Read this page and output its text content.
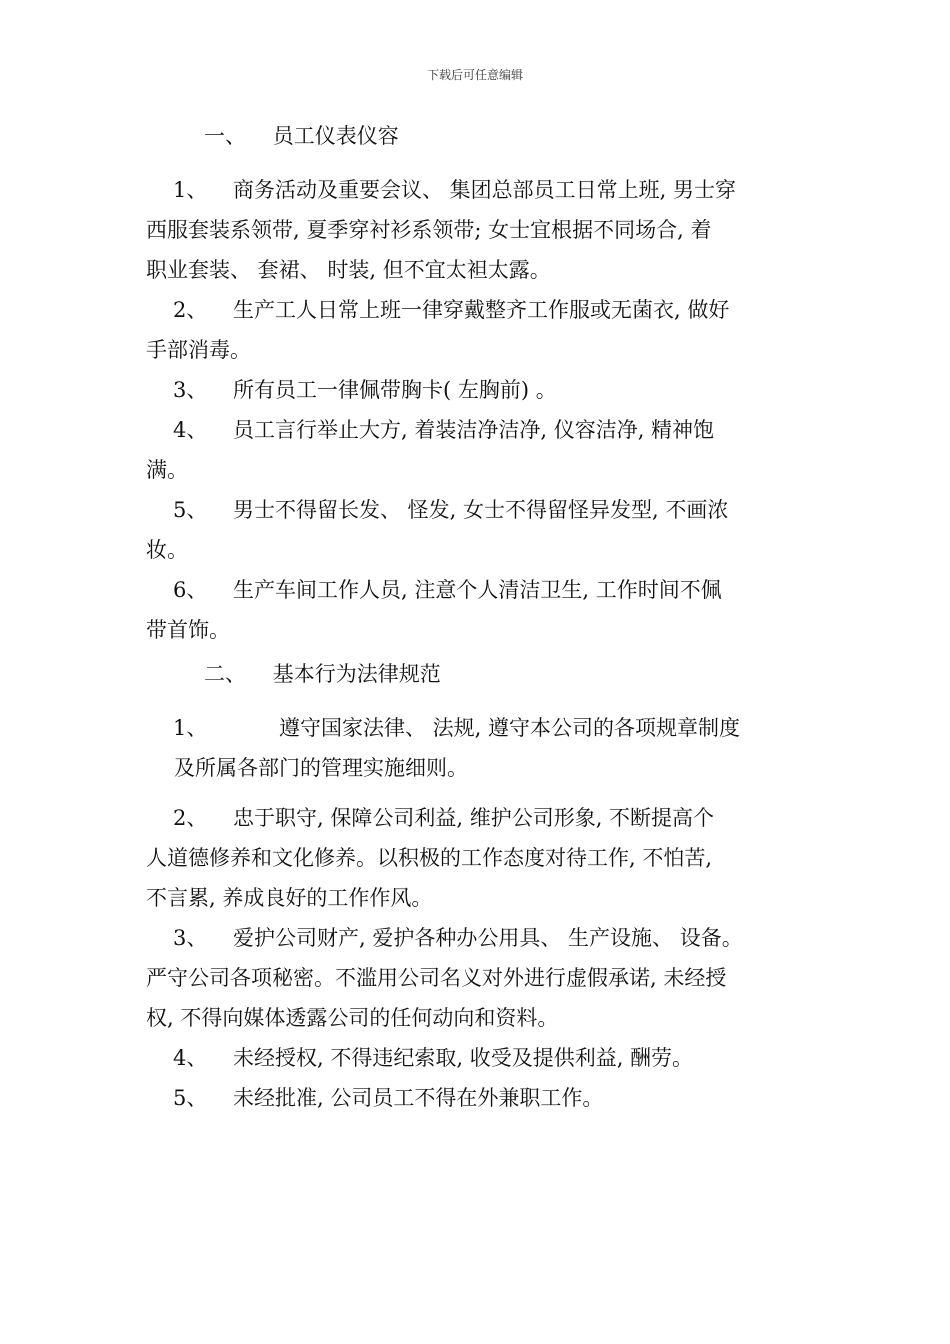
下载后可任意编辑
一、    员工仪表仪容
1、 商务活动及重要会议、 集团总部员工日常上班, 男士穿
西服套装系领带, 夏季穿衬衫系领带; 女士宜根据不同场合, 着
职业套装、 套裙、 时装, 但不宜太袒太露。
2、 生产工人日常上班一律穿戴整齐工作服或无菌衣, 做好
手部消毒。
3、 所有员工一律佩带胸卡( 左胸前) 。
4、 员工言行举止大方, 着装洁净洁净, 仪容洁净, 精神饱
满。
5、 男士不得留长发、 怪发, 女士不得留怪异发型, 不画浓
妆。
6、 生产车间工作人员, 注意个人清洁卫生, 工作时间不佩
带首饰。
二、    基本行为法律规范
1、	遵守国家法律、 法规, 遵守本公司的各项规章制度
及所属各部门的管理实施细则。
2、 忠于职守, 保障公司利益, 维护公司形象, 不断提高个
人道德修养和文化修养。以积极的工作态度对待工作, 不怕苦,
不言累, 养成良好的工作作风。
3、 爱护公司财产, 爱护各种办公用具、 生产设施、 设备。
严守公司各项秘密。不滥用公司名义对外进行虚假承诺, 未经授
权, 不得向媒体透露公司的任何动向和资料。
4、 未经授权, 不得违纪索取, 收受及提供利益, 酬劳。
5、 未经批准, 公司员工不得在外兼职工作。
